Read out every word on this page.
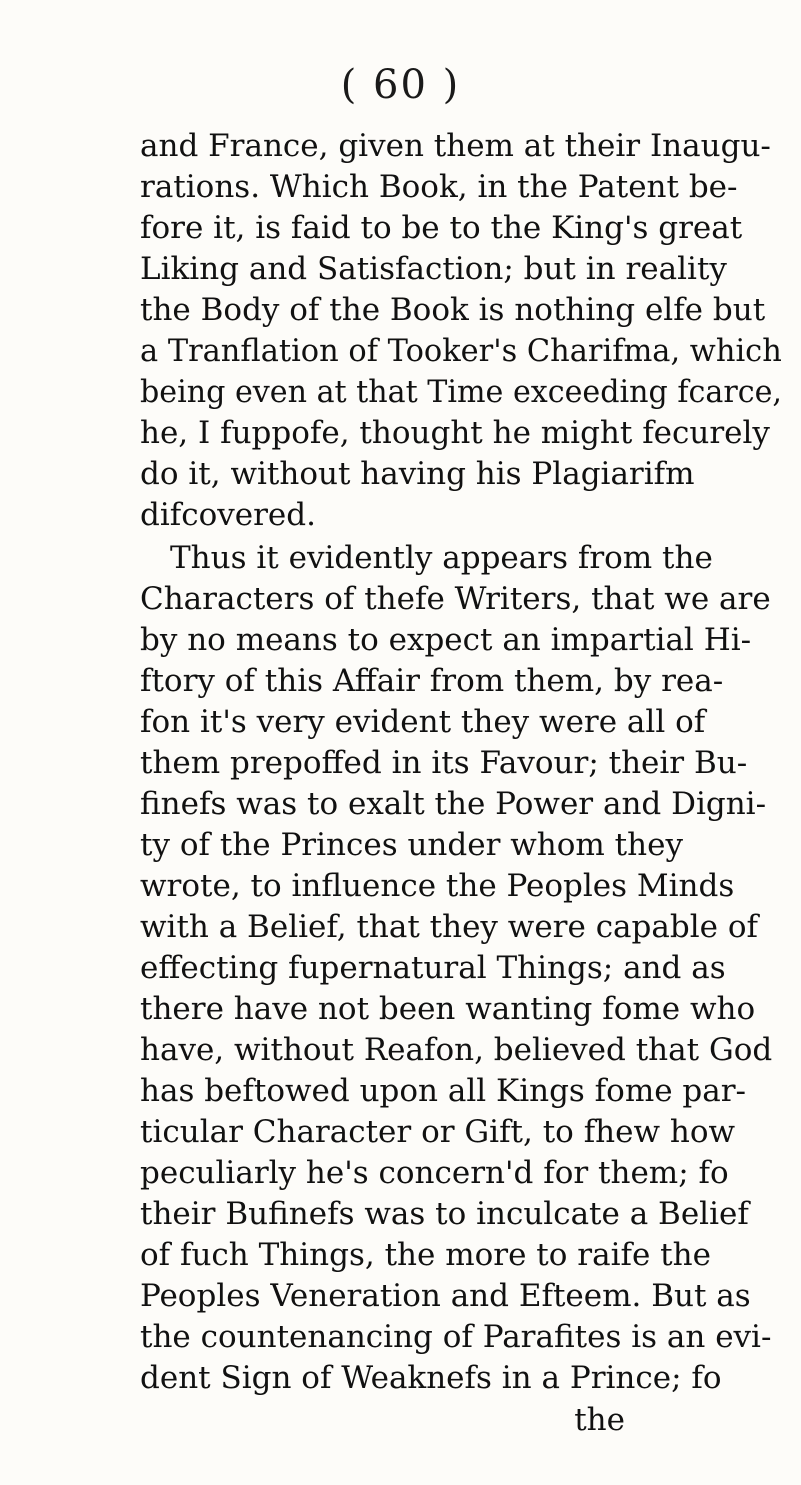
( 60 )
and France, given them at their Inaugu-
rations. Which Book, in the Patent be-
fore it, is faid to be to the King's great
Liking and Satisfaction; but in reality
the Body of the Book is nothing elfe but
a Tranflation of Tooker's Charifma, which
being even at that Time exceeding fcarce,
he, I fuppofe, thought he might fecurely
do it, without having his Plagiarifm
difcovered.
Thus it evidently appears from the
Characters of thefe Writers, that we are
by no means to expect an impartial Hi-
ftory of this Affair from them, by rea-
fon it's very evident they were all of
them prepoffed in its Favour; their Bu-
finefs was to exalt the Power and Digni-
ty of the Princes under whom they
wrote, to influence the Peoples Minds
with a Belief, that they were capable of
effecting fupernatural Things; and as
there have not been wanting fome who
have, without Reafon, believed that God
has beftowed upon all Kings fome par-
ticular Character or Gift, to fhew how
peculiarly he's concern'd for them; fo
their Bufinefs was to inculcate a Belief
of fuch Things, the more to raife the
Peoples Veneration and Efteem. But as
the countenancing of Parafites is an evi-
dent Sign of Weaknefs in a Prince; fo
the
